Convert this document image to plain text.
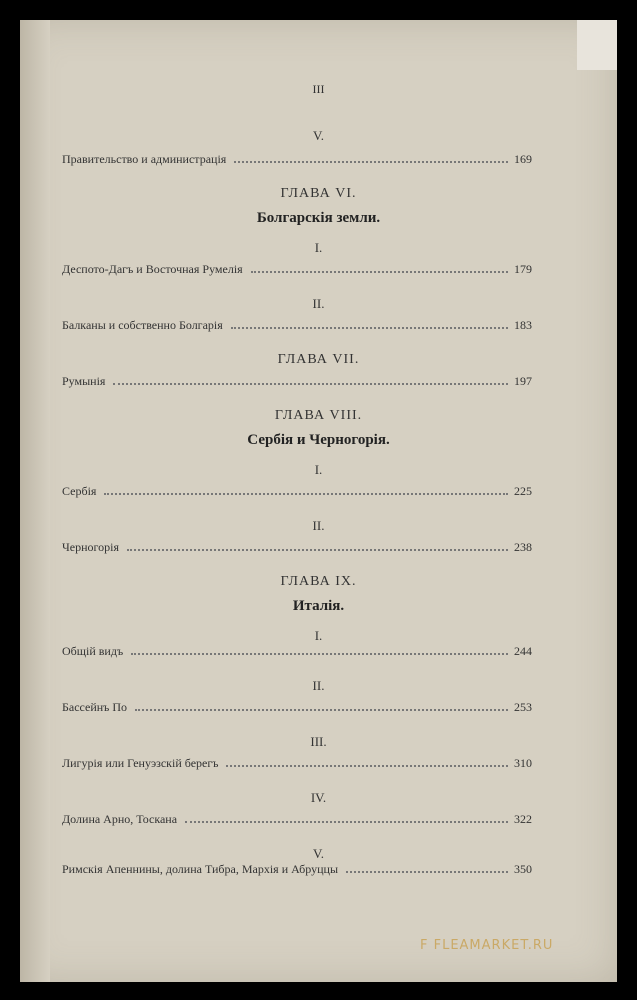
III
V.
Правительство и администрація	169
ГЛАВА VI.
Болгарскія земли.
I.
Деспото-Дагъ и Восточная Румелія	179
II.
Балканы и собственно Болгарія	183
ГЛАВА VII.
Румынія	197
ГЛАВА VIII.
Сербія и Черногорія.
I.
Сербія	225
II.
Черногорія	238
ГЛАВА IX.
Италія.
I.
Общій видъ	244
II.
Бассейнъ По	253
III.
Лигурія или Генуэзскій берегъ	310
IV.
Долина Арно, Тоскана	322
V.
Римскія Апеннины, долина Тибра, Мархія и Абруццы	350
F FLEAMARKET.RU
